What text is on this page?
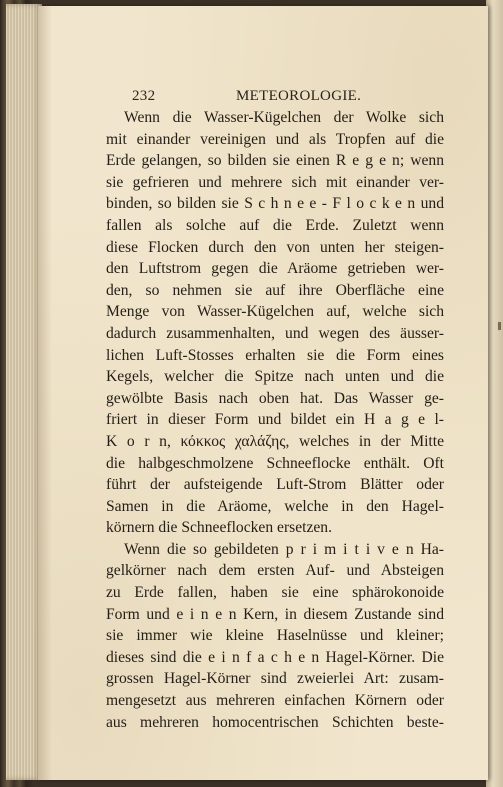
232	METEOROLOGIE.
Wenn die Wasser-Kügelchen der Wolke sich
mit einander vereinigen und als Tropfen auf die
Erde gelangen, so bilden sie einen R e g e n; wenn
sie gefrieren und mehrere sich mit einander ver-
binden, so bilden sie S c h n e e - F l o c k e n und
fallen als solche auf die Erde. Zuletzt wenn
diese Flocken durch den von unten her steigen-
den Luftstrom gegen die Aräome getrieben wer-
den, so nehmen sie auf ihre Oberfläche eine
Menge von Wasser-Kügelchen auf, welche sich
dadurch zusammenhalten, und wegen des äusser-
lichen Luft-Stosses erhalten sie die Form eines
Kegels, welcher die Spitze nach unten und die
gewölbte Basis nach oben hat. Das Wasser ge-
friert in dieser Form und bildet ein H a g e l-
K o r n, κόκκος χαλάζης, welches in der Mitte
die halbgeschmolzene Schneeflocke enthält. Oft
führt der aufsteigende Luft-Strom Blätter oder
Samen in die Aräome, welche in den Hagel-
körnern die Schneeflocken ersetzen.
Wenn die so gebildeten p r i m i t i v e n Ha-
gelkörner nach dem ersten Auf- und Absteigen
zu Erde fallen, haben sie eine sphärokonoide
Form und e i n e n Kern, in diesem Zustande sind
sie immer wie kleine Haselnüsse und kleiner;
dieses sind die e i n f a c h e n Hagel-Körner. Die
grossen Hagel-Körner sind zweierlei Art: zusam-
mengesetzt aus mehreren einfachen Körnern oder
aus mehreren homocentrischen Schichten beste-
